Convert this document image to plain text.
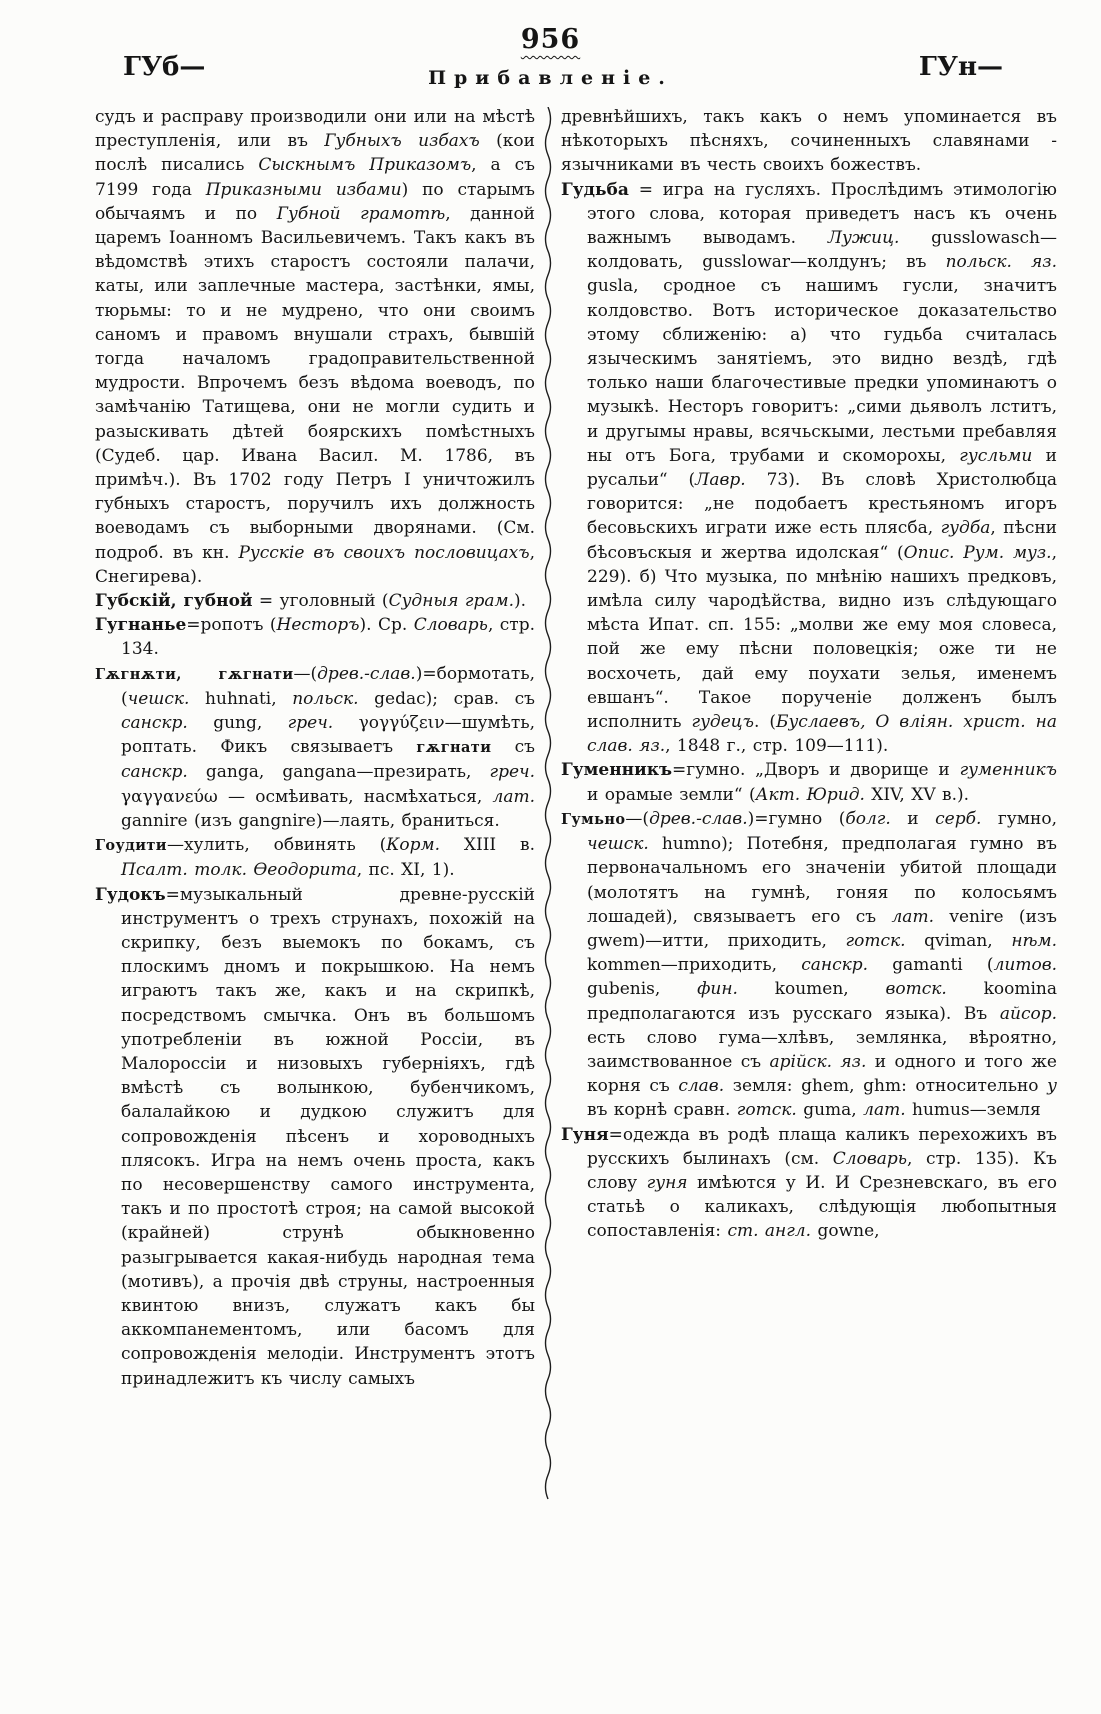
956
ГУб—	Прибавленіе.	ГУн—

судъ и расправу производили они или на мѣстѣ преступленія, или въ Губныхъ избахъ (кои послѣ писались Сыскнымъ Приказомъ, а съ 7199 года Приказными избами) по старымъ обычаямъ и по Губной грамотѣ, данной царемъ Іоанномъ Васильевичемъ. Такъ какъ въ вѣдомствѣ этихъ старостъ состояли палачи, каты, или заплечные мастера, застѣнки, ямы, тюрьмы: то и не мудрено, что они своимъ саномъ и правомъ внушали страхъ, бывшій тогда началомъ градоправительственной мудрости. Впрочемъ безъ вѣдома воеводъ, по замѣчанію Татищева, они не могли судить и разыскивать дѣтей боярскихъ помѣстныхъ (Судеб. цар. Ивана Васил. М. 1786, въ примѣч.). Въ 1702 году Петръ I уничтожилъ губныхъ старостъ, поручилъ ихъ должность воеводамъ съ выборными дворянами. (См. подроб. въ кн. Русскіе въ своихъ пословицахъ, Снегирева).

Губскій, губной = уголовный (Судныя грам.).

Гугнанье=ропотъ (Несторъ). Ср. Словарь, стр. 134.

Гѫгнѫти, гѫгнати—(древ.-слав.)=бормотать, (чешск. huhnati, польск. gedac); срав. съ санскр. gung, греч. γογγύζειν—шумѣть, роптать. Фикъ связываетъ гѫгнати съ санскр. ganga, gangana—презирать, греч. γαγγανεύω — осмѣивать, насмѣхаться, лат. gannire (изъ gangnire)—лаять, браниться.

Гоудити—хулить, обвинять (Корм. XIII в. Псалт. толк. Ѳеодорита, пс. XI, 1).

Гудокъ=музыкальный древне-русскій инструментъ о трехъ струнахъ, похожій на скрипку, безъ выемокъ по бокамъ, съ плоскимъ дномъ и покрышкою. На немъ играютъ такъ же, какъ и на скрипкѣ, посредствомъ смычка. Онъ въ большомъ употребленіи въ южной Россіи, въ Малороссіи и низовыхъ губерніяхъ, гдѣ вмѣстѣ съ волынкою, бубенчикомъ, балалайкою и дудкою служитъ для сопровожденія пѣсенъ и хороводныхъ плясокъ. Игра на немъ очень проста, какъ по несовершенству самого инструмента, такъ и по простотѣ строя; на самой высокой (крайней) струнѣ обыкновенно разыгрывается какая-нибудь народная тема (мотивъ), а прочія двѣ струны, настроенныя квинтою внизъ, служатъ какъ бы аккомпанементомъ, или басомъ для сопровожденія мелодіи. Инструментъ этотъ принадлежитъ къ числу самыхъ

древнѣйшихъ, такъ какъ о немъ упоминается въ нѣкоторыхъ пѣсняхъ, сочиненныхъ славянами - язычниками въ честь своихъ божествъ.

Гудьба = игра на гусляхъ. Прослѣдимъ этимологію этого слова, которая приведетъ насъ къ очень важнымъ выводамъ. Лужиц. gusslowasch—колдовать, gusslowar—колдунъ; въ польск. яз. gusla, сродное съ нашимъ гусли, значитъ колдовство. Вотъ историческое доказательство этому сближенію: а) что гудьба считалась языческимъ занятіемъ, это видно вездѣ, гдѣ только наши благочестивые предки упоминаютъ о музыкѣ. Несторъ говоритъ: „сими дьяволъ лститъ, и другымы нравы, всячьскыми, лестьми пребавляя ны отъ Бога, трубами и скоморохы, гусльми и русальи“ (Лавр. 73). Въ словѣ Христолюбца говорится: „не подобаетъ крестьяномъ игоръ бесовьскихъ играти иже есть плясба, гудба, пѣсни бѣсовъскыя и жертва идолская“ (Опис. Рум. муз., 229). б) Что музыка, по мнѣнію нашихъ предковъ, имѣла силу чародѣйства, видно изъ слѣдующаго мѣста Ипат. сп. 155: „молви же ему моя словеса, пой же ему пѣсни половецкія; оже ти не восхочеть, дай ему поухати зелья, именемъ евшанъ“. Такое порученіе долженъ былъ исполнить гудецъ. (Буслаевъ, О вліян. христ. на слав. яз., 1848 г., стр. 109—111).

Гуменникъ=гумно. „Дворъ и дворище и гуменникъ и орамые земли“ (Акт. Юрид. XIV, XV в.).

Гумьно—(древ.-слав.)=гумно (болг. и серб. гумно, чешск. humno); Потебня, предполагая гумно въ первоначальномъ его значеніи убитой площади (молотятъ на гумнѣ, гоняя по колосьямъ лошадей), связываетъ его съ лат. venire (изъ gwem)—итти, приходить, готск. qviman, нѣм. kommen—приходить, санскр. gamanti (литов. gubenis, фин. koumen, вотск. koomina предполагаются изъ русскаго языка). Въ айсор. есть слово гума—хлѣвъ, землянка, вѣроятно, заимствованное съ арійск. яз. и одного и того же корня съ слав. земля: ghem, ghm: относительно у въ корнѣ сравн. готск. guma, лат. humus—земля

Гуня=одежда въ родѣ плаща каликъ перехожихъ въ русскихъ былинахъ (см. Словарь, стр. 135). Къ слову гуня имѣются у И. И Срезневскаго, въ его статьѣ о каликахъ, слѣдующія любопытныя сопоставленія: ст. англ. gowne,
